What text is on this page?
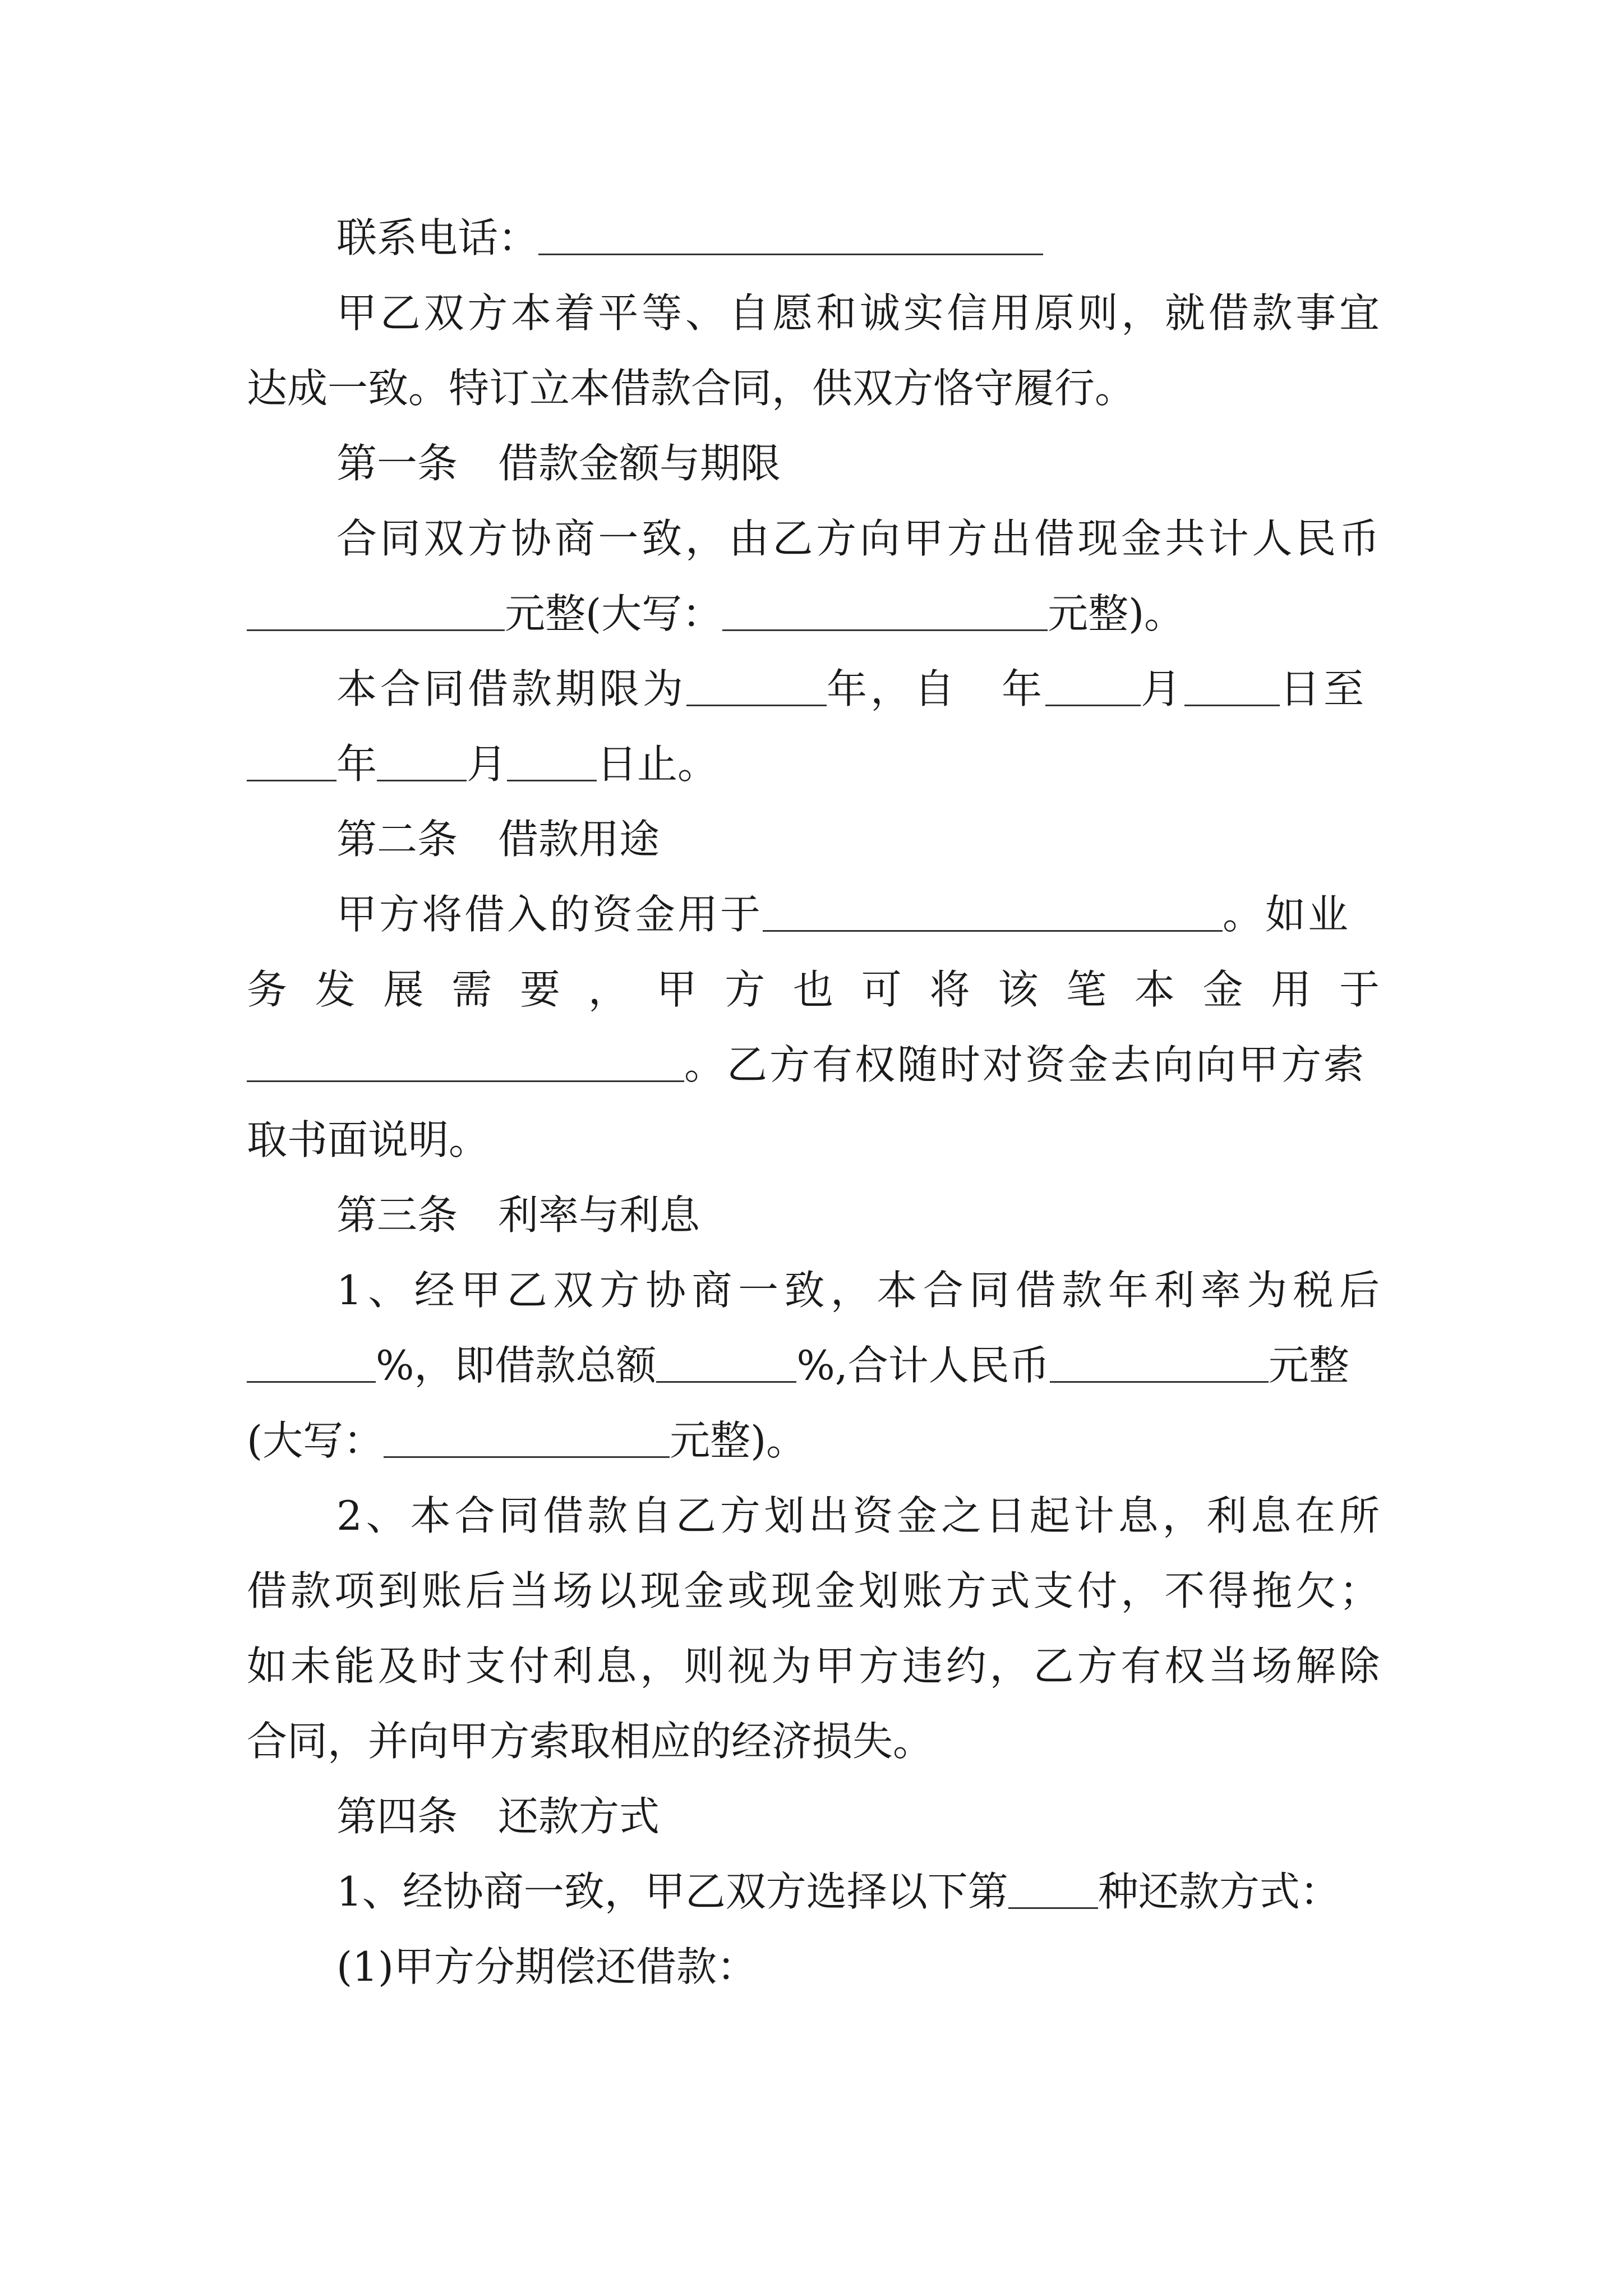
联系电话：
甲乙双方本着平等、自愿和诚实信用原则，就借款事宜
达成一致。特订立本借款合同，供双方恪守履行。
第一条　借款金额与期限
合同双方协商一致，由乙方向甲方出借现金共计人民币
元整(大写：	元整)。
本合同借款期限为	年，自　年 月 日至
年 月 日止。
第二条　借款用途
甲方将借入的资金用于	。如业
务发展需要，甲方也可将该笔本金用于
。乙方有权随时对资金去向向甲方索
取书面说明。
第三条　利率与利息
1、经甲乙双方协商一致，本合同借款年利率为税后
%，即借款总额	%,合计人民币	元整
(大写：	元整)。
2、本合同借款自乙方划出资金之日起计息，利息在所
借款项到账后当场以现金或现金划账方式支付，不得拖欠；
如未能及时支付利息，则视为甲方违约，乙方有权当场解除
合同，并向甲方索取相应的经济损失。
第四条　还款方式
1、经协商一致，甲乙双方选择以下第 种还款方式：
(1)甲方分期偿还借款：
